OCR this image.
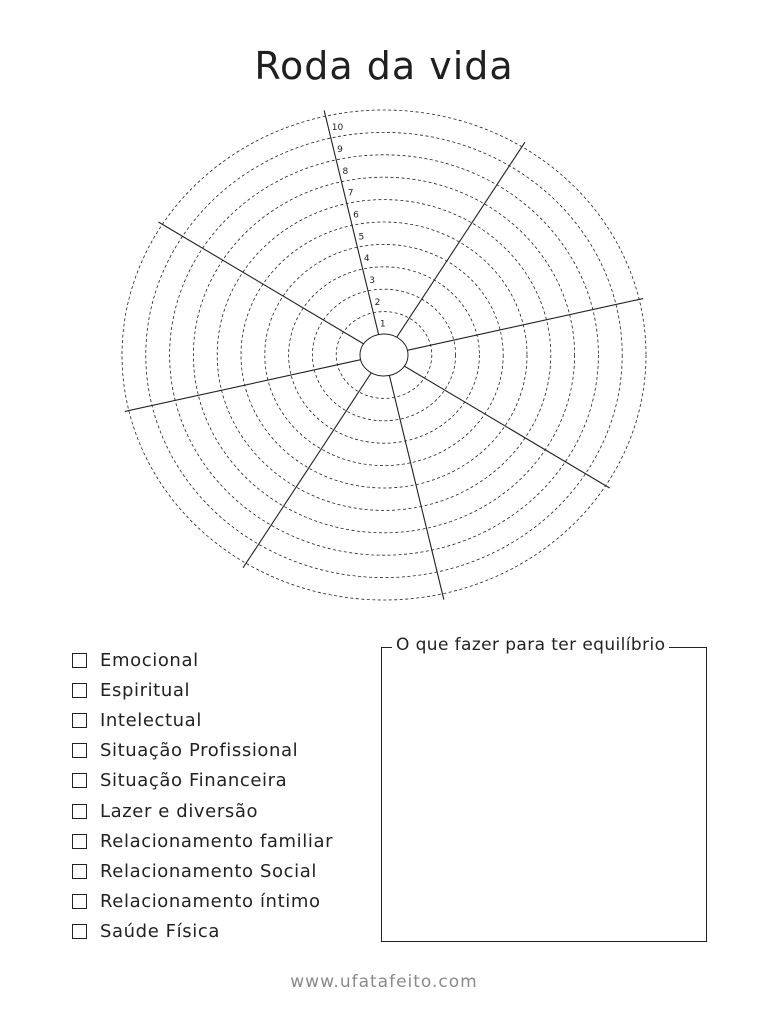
Roda da vida
1
2
3
4
5
6
7
8
9
10
Emocional
Espiritual
Intelectual
Situação Profissional
Situação Financeira
Lazer e diversão
Relacionamento familiar
Relacionamento Social
Relacionamento íntimo
Saúde Física
O que fazer para ter equilíbrio
www.ufatafeito.com
